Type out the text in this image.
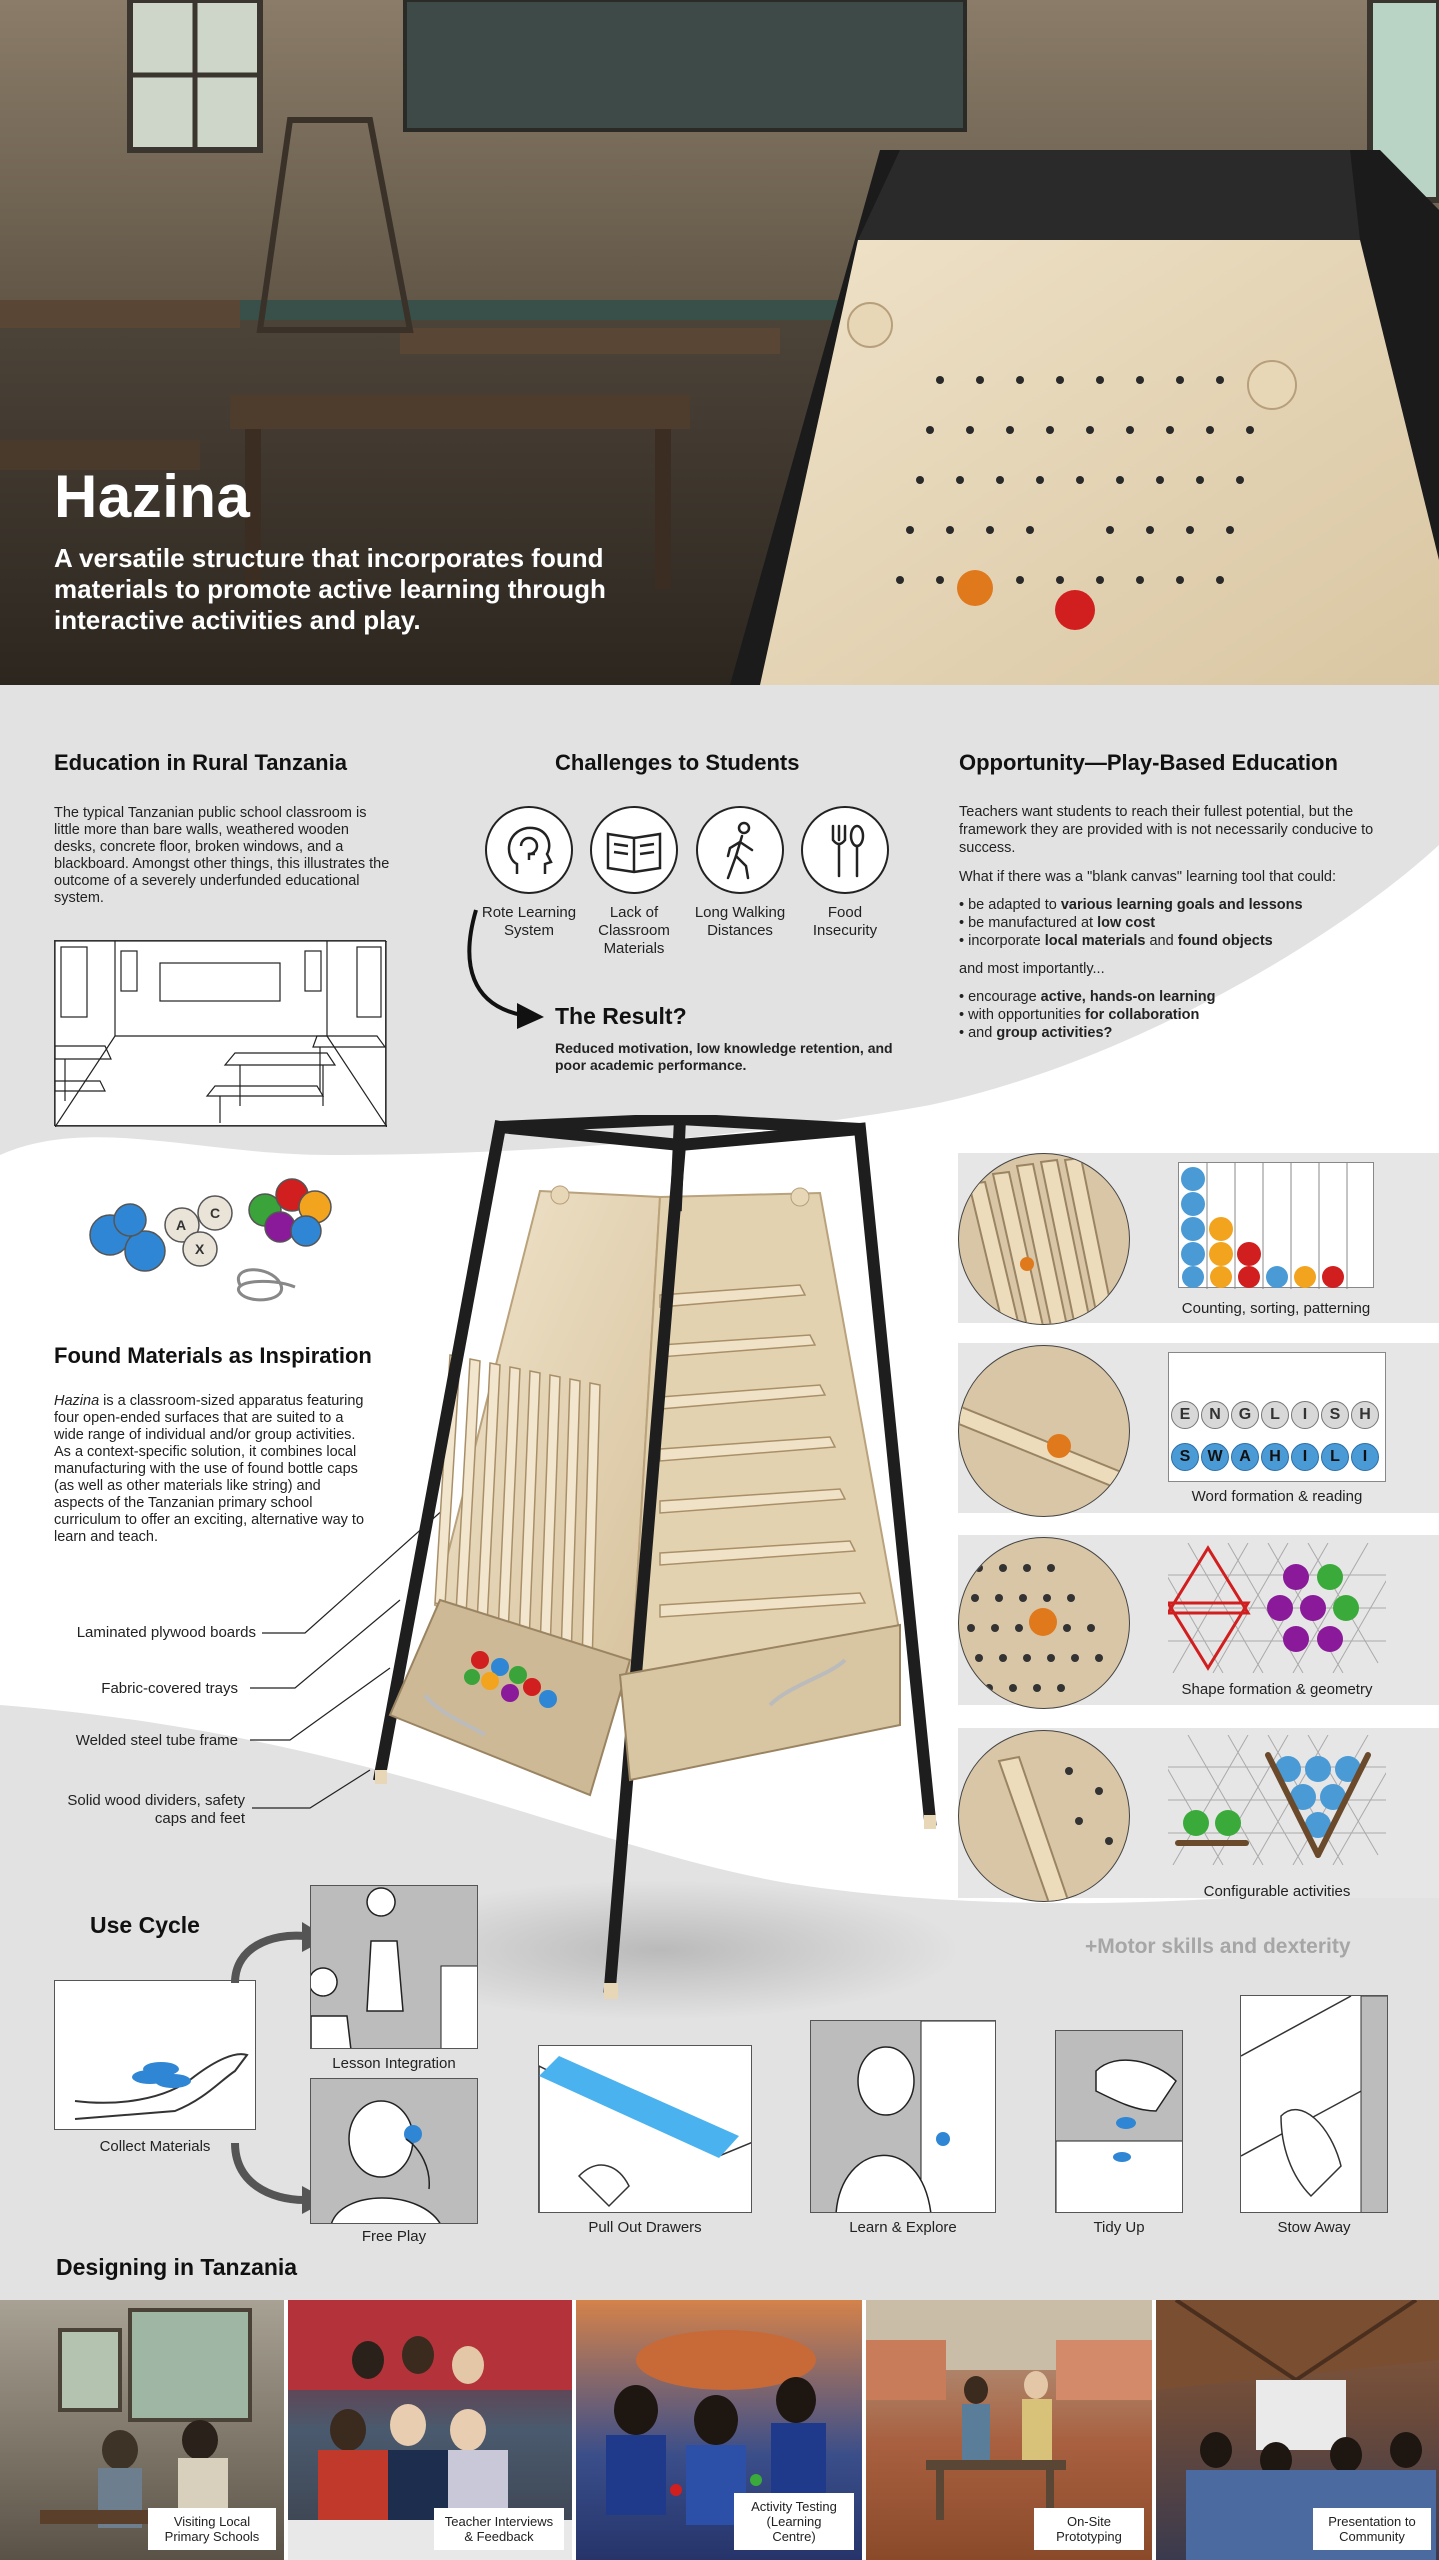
Hazina
A versatile structure that incorporates found materials to promote active learning through interactive activities and play.
Education in Rural Tanzania

The typical Tanzanian public school classroom is little more than bare walls, weathered wooden desks, concrete floor, broken windows, and a blackboard. Amongst other things, this illustrates the outcome of a severely underfunded educational system.

Challenges to Students
Rote Learning System
Lack of Classroom Materials
Long Walking Distances
Food Insecurity
The Result?

Reduced motivation, low knowledge retention, and poor academic performance.

Opportunity—Play-Based Education

Teachers want students to reach their fullest potential, but the framework they are provided with is not necessarily conducive to success.

What if there was a "blank canvas" learning tool that could:

• be adapted to various learning goals and lessons
• be manufactured at low cost
• incorporate local materials and found objects

and most importantly...

• encourage active, hands-on learning
• with opportunities for collaboration
• and group activities?
A
C
X
Found Materials as Inspiration

Hazina is a classroom-sized apparatus featuring four open-ended surfaces that are suited to a wide range of individual and/or group activities. As a context-specific solution, it combines local manufacturing with the use of found bottle caps (as well as other materials like string) and aspects of the Tanzanian primary school curriculum to offer an exciting, alternative way to learn and teach.

Laminated plywood boards
Fabric-covered trays
Welded steel tube frame
Solid wood dividers, safety caps and feet
Counting, sorting, patterning
E	N	G	L	I	S	H
S	W	A	H	I	L	I
Word formation & reading
Shape formation & geometry
Configurable activities
+Motor skills and dexterity
Use Cycle
Collect Materials
Lesson Integration
Free Play
Pull Out Drawers	Learn & Explore	Tidy Up	Stow Away
Designing in Tanzania
Visiting Local Primary Schools
Teacher Interviews & Feedback
Activity Testing (Learning Centre)
On-Site Prototyping
Presentation to Community
